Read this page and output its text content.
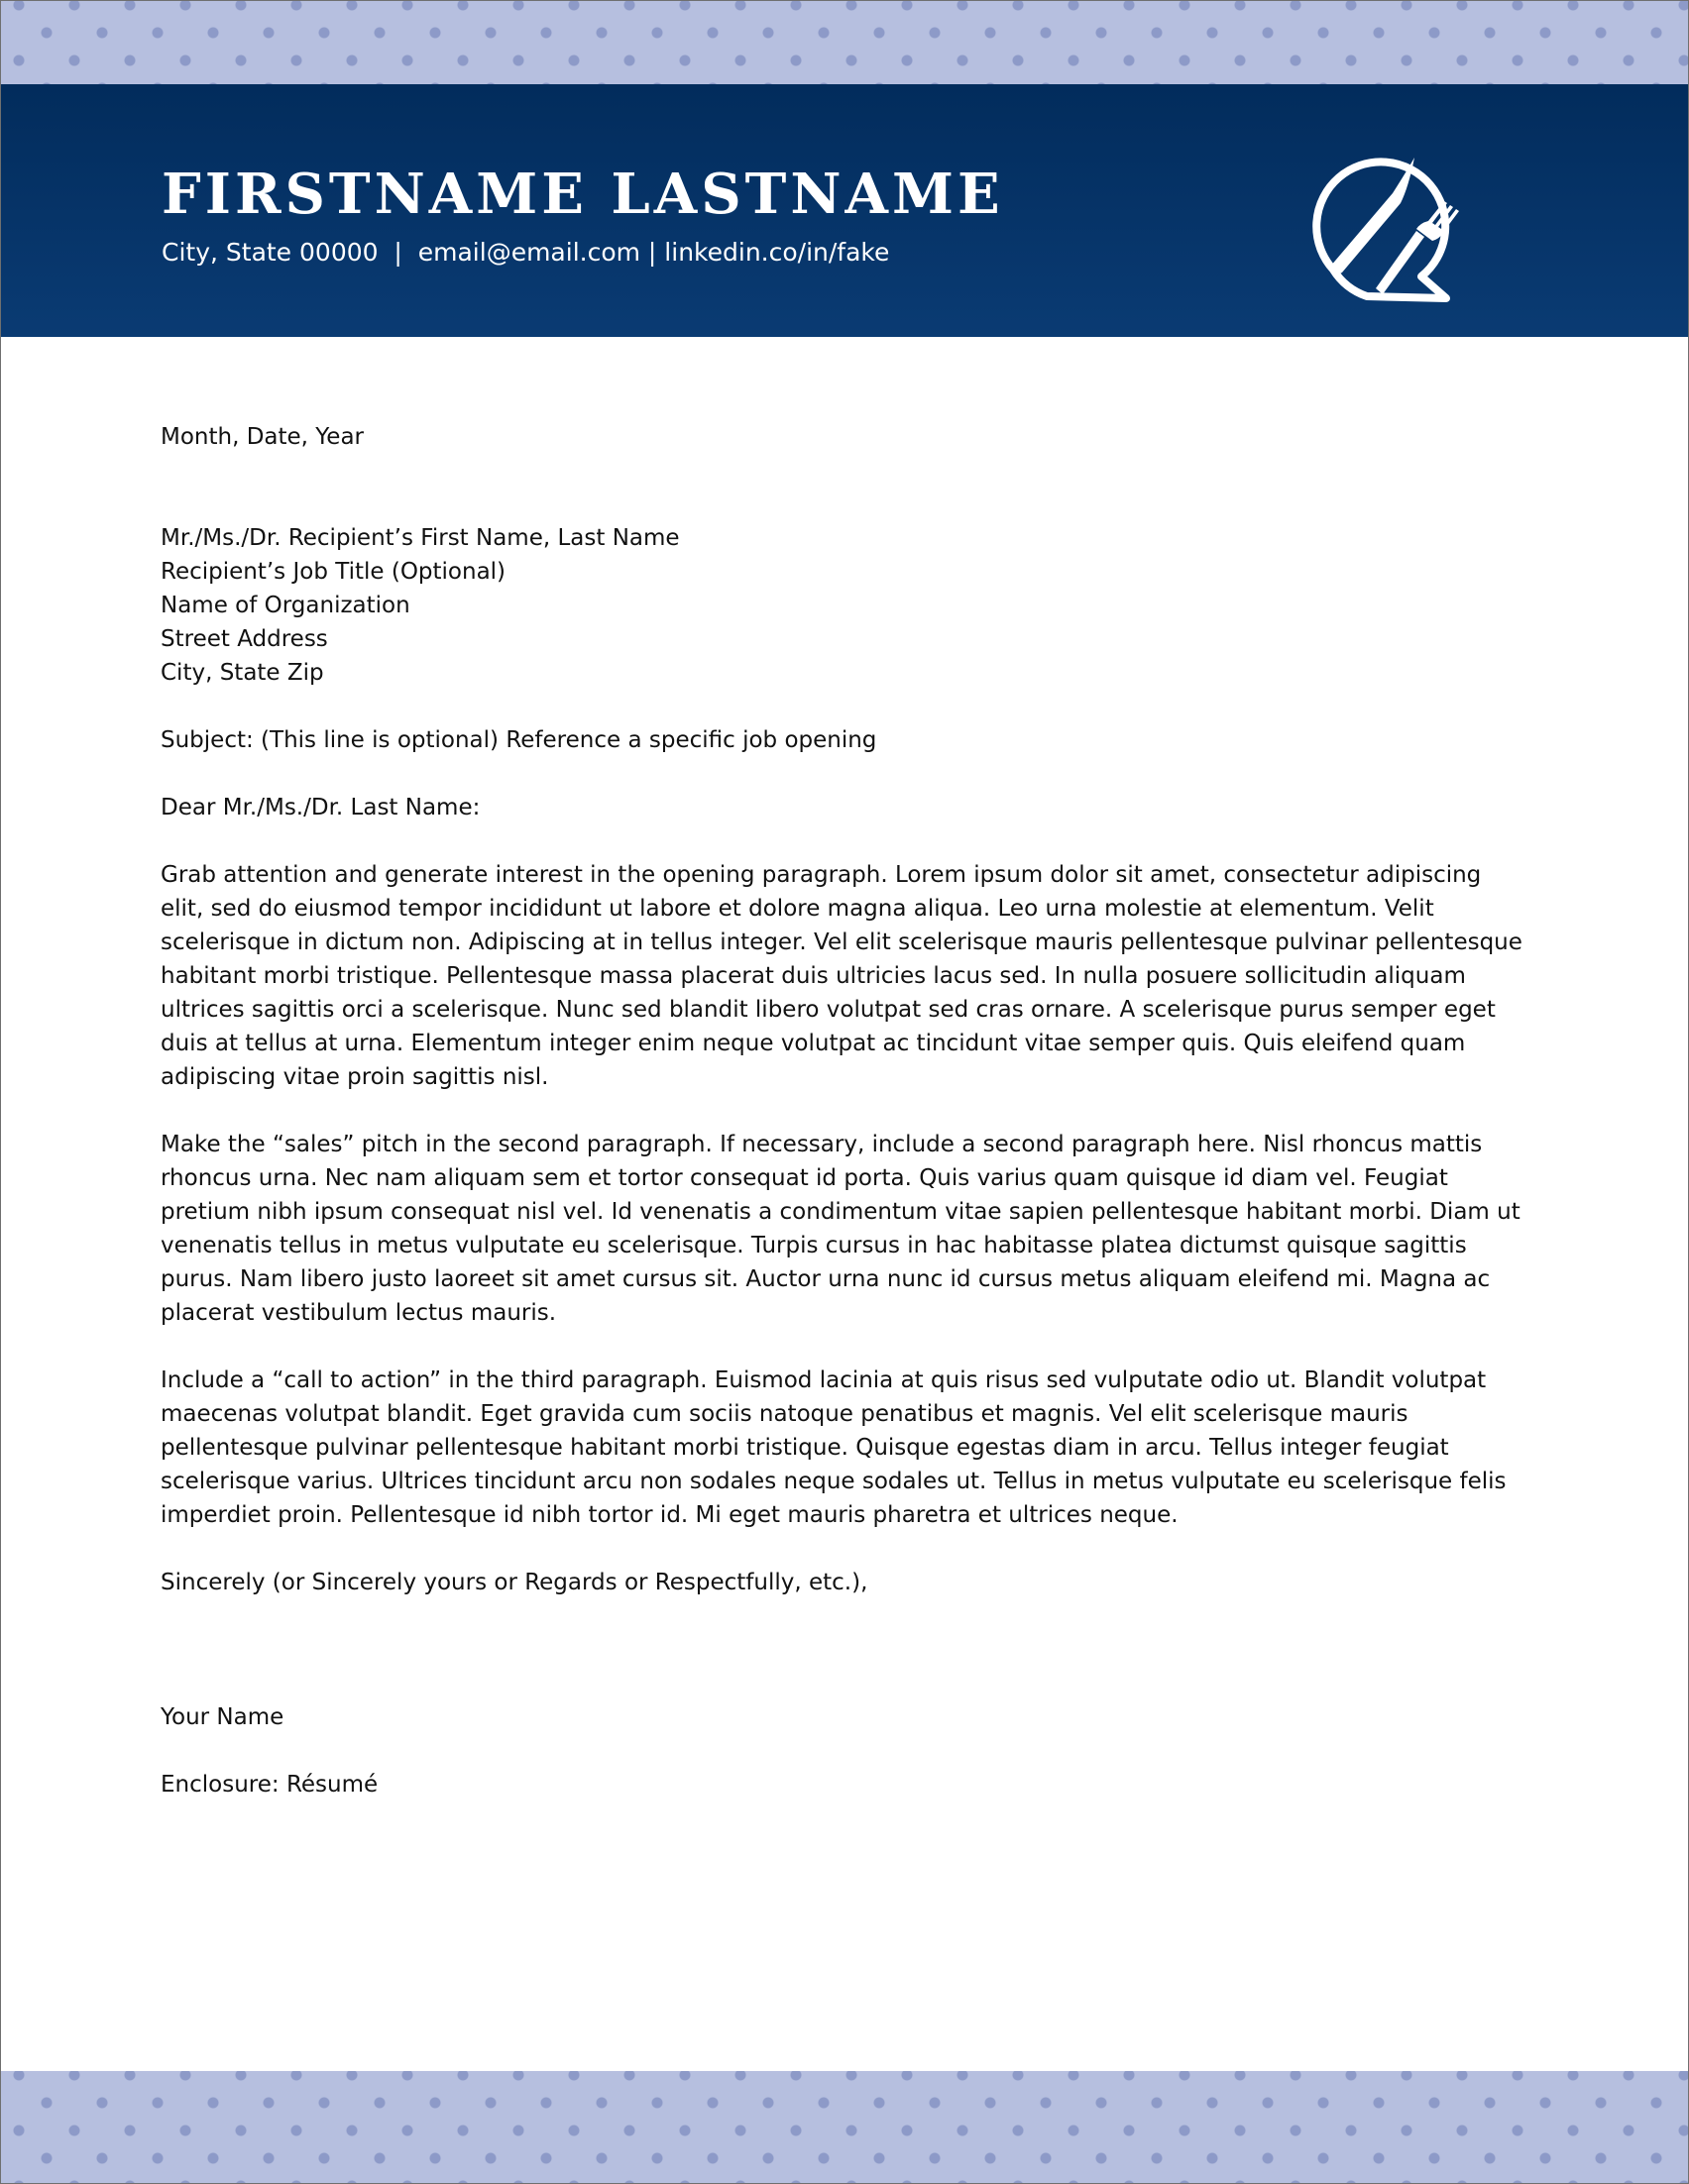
FIRSTNAME LASTNAME
City, State 00000  |  email@email.com | linkedin.co/in/fake

Month, Date, Year

Mr./Ms./Dr. Recipient’s First Name, Last Name

Recipient’s Job Title (Optional)

Name of Organization

Street Address

City, State Zip

Subject: (This line is optional) Reference a specific job opening

Dear Mr./Ms./Dr. Last Name:

Grab attention and generate interest in the opening paragraph. Lorem ipsum dolor sit amet, consectetur adipiscing elit, sed do eiusmod tempor incididunt ut labore et dolore magna aliqua. Leo urna molestie at elementum. Velit scelerisque in dictum non. Adipiscing at in tellus integer. Vel elit scelerisque mauris pellentesque pulvinar pellentesque habitant morbi tristique. Pellentesque massa placerat duis ultricies lacus sed. In nulla posuere sollicitudin aliquam ultrices sagittis orci a scelerisque. Nunc sed blandit libero volutpat sed cras ornare. A scelerisque purus semper eget duis at tellus at urna. Elementum integer enim neque volutpat ac tincidunt vitae semper quis. Quis eleifend quam adipiscing vitae proin sagittis nisl.

Make the “sales” pitch in the second paragraph. If necessary, include a second paragraph here. Nisl rhoncus mattis rhoncus urna. Nec nam aliquam sem et tortor consequat id porta. Quis varius quam quisque id diam vel. Feugiat pretium nibh ipsum consequat nisl vel. Id venenatis a condimentum vitae sapien pellentesque habitant morbi. Diam ut venenatis tellus in metus vulputate eu scelerisque. Turpis cursus in hac habitasse platea dictumst quisque sagittis purus. Nam libero justo laoreet sit amet cursus sit. Auctor urna nunc id cursus metus aliquam eleifend mi. Magna ac placerat vestibulum lectus mauris.

Include a “call to action” in the third paragraph. Euismod lacinia at quis risus sed vulputate odio ut. Blandit volutpat maecenas volutpat blandit. Eget gravida cum sociis natoque penatibus et magnis. Vel elit scelerisque mauris pellentesque pulvinar pellentesque habitant morbi tristique. Quisque egestas diam in arcu. Tellus integer feugiat scelerisque varius. Ultrices tincidunt arcu non sodales neque sodales ut. Tellus in metus vulputate eu scelerisque felis imperdiet proin. Pellentesque id nibh tortor id. Mi eget mauris pharetra et ultrices neque.

Sincerely (or Sincerely yours or Regards or Respectfully, etc.),

Your Name

Enclosure: Résumé
